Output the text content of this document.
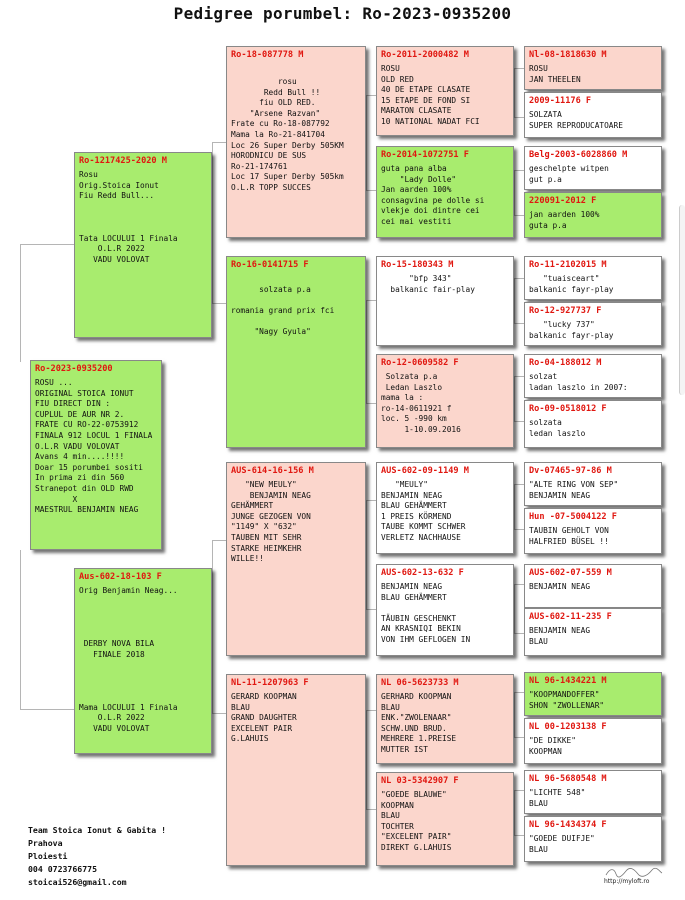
Pedigree porumbel: Ro-2023-0935200
Ro-2023-0935200
ROSU ...
ORIGINAL STOICA IONUT
FIU DIRECT DIN :
CUPLUL DE AUR NR 2.
FRATE CU RO-22-0753912
FINALA 912 LOCUL 1 FINALA
O.L.R VADU VOLOVAT
Avans 4 min....!!!!
Doar 15 porumbei sositi
In prima zi din 560
Stranepot din OLD RWD
X
MAESTRUL BENJAMIN NEAG
Ro-1217425-2020 M
Rosu
Orig.Stoica Ionut
Fiu Redd Bull...

Tata LOCULUI 1 Finala
O.L.R 2022
VADU VOLOVAT
Aus-602-18-103 F
Orig Benjamin Neag...

DERBY NOVA BILA
FINALE 2018

Mama LOCULUI 1 Finala
O.L.R 2022
VADU VOLOVAT
Ro-18-087778 M
rosu
Redd Bull !!
fiu OLD RED.
"Arsene Razvan"
Frate cu Ro-18-087792
Mama la Ro-21-841704
Loc 26 Super Derby 505KM
HORODNICU DE SUS
Ro-21-174761
Loc 17 Super Derby 505km
O.L.R TOPP SUCCES
Ro-16-0141715 F

solzata p.a

romania grand prix fci

"Nagy Gyula"
AUS-614-16-156 M
"NEW MEULY"
BENJAMIN NEAG
GEHÄMMERT
JUNGE GEZOGEN VON
"1149" X "632"
TAUBEN MIT SEHR
STARKE HEIMKEHR
WILLE!!
NL-11-1207963 F
GERARD KOOPMAN
BLAU
GRAND DAUGHTER
EXCELENT PAIR
G.LAHUIS
Ro-2011-2000482 M
ROSU
OLD RED
40 DE ETAPE CLASATE
15 ETAPE DE FOND SI
MARATON CLASATE
10 NATIONAL NADAT FCI
Ro-2014-1072751 F
guta pana alba
"Lady Dolle"
Jan aarden 100%
consagvina pe dolle si
vlekje doi dintre cei
cei mai vestiti
Ro-15-180343 M
"bfp 343"
balkanic fair-play
Ro-12-0609582 F
Solzata p.a
Ledan Laszlo
mama la :
ro-14-0611921 f
loc. 5 -990 km
1-10.09.2016
AUS-602-09-1149 M
"MEULY"
BENJAMIN NEAG
BLAU GEHÄMMERT
1 PREIS KÖRMEND
TAUBE KOMMT SCHWER
VERLETZ NACHHAUSE
AUS-602-13-632 F
BENJAMIN NEAG
BLAU GEHÄMMERT

TÄUBIN GESCHENKT
AN KRASNIQI BEKIN
VON IHM GEFLOGEN IN
NL 06-5623733 M
GERHARD KOOPMAN
BLAU
ENK."ZWOLENAAR"
SCHW.UND BRUD.
MEHRERE 1.PREISE
MUTTER IST
NL 03-5342907 F
"GOEDE BLAUWE"
KOOPMAN
BLAU
TOCHTER
"EXCELENT PAIR"
DIREKT G.LAHUIS
Nl-08-1818630 M
ROSU
JAN THEELEN
2009-11176 F
SOLZATA
SUPER REPRODUCATOARE
Belg-2003-6028860 M
geschelpte witpen
gut p.a
220091-2012 F
jan aarden 100%
guta p.a
Ro-11-2102015 M
"tuaisceart"
balkanic fayr-play
Ro-12-927737 F
"lucky 737"
balkanic fayr-play
Ro-04-188012 M
solzat
ladan laszlo in 2007:
Ro-09-0518012 F
solzata
ledan laszlo
Dv-07465-97-86 M
"ALTE RING VON SEP"
BENJAMIN NEAG
Hun -07-5004122 F
TAUBIN GEHOLT VON
HALFRIED BÜSEL !!
AUS-602-07-559 M
BENJAMIN NEAG
AUS-602-11-235 F
BENJAMIN NEAG
BLAU
NL 96-1434221 M
"KOOPMANDOFFER"
SHON "ZWOLLENAR"
NL 00-1203138 F
"DE DIKKE"
KOOPMAN
NL 96-5680548 M
"LICHTE 548"
BLAU
NL 96-1434374 F
"GOEDE DUIFJE"
BLAU
Team Stoica Ionut & Gabita !
Prahova
Ploiesti
004 0723766775
stoicai526@gmail.com	http://myloft.ro
